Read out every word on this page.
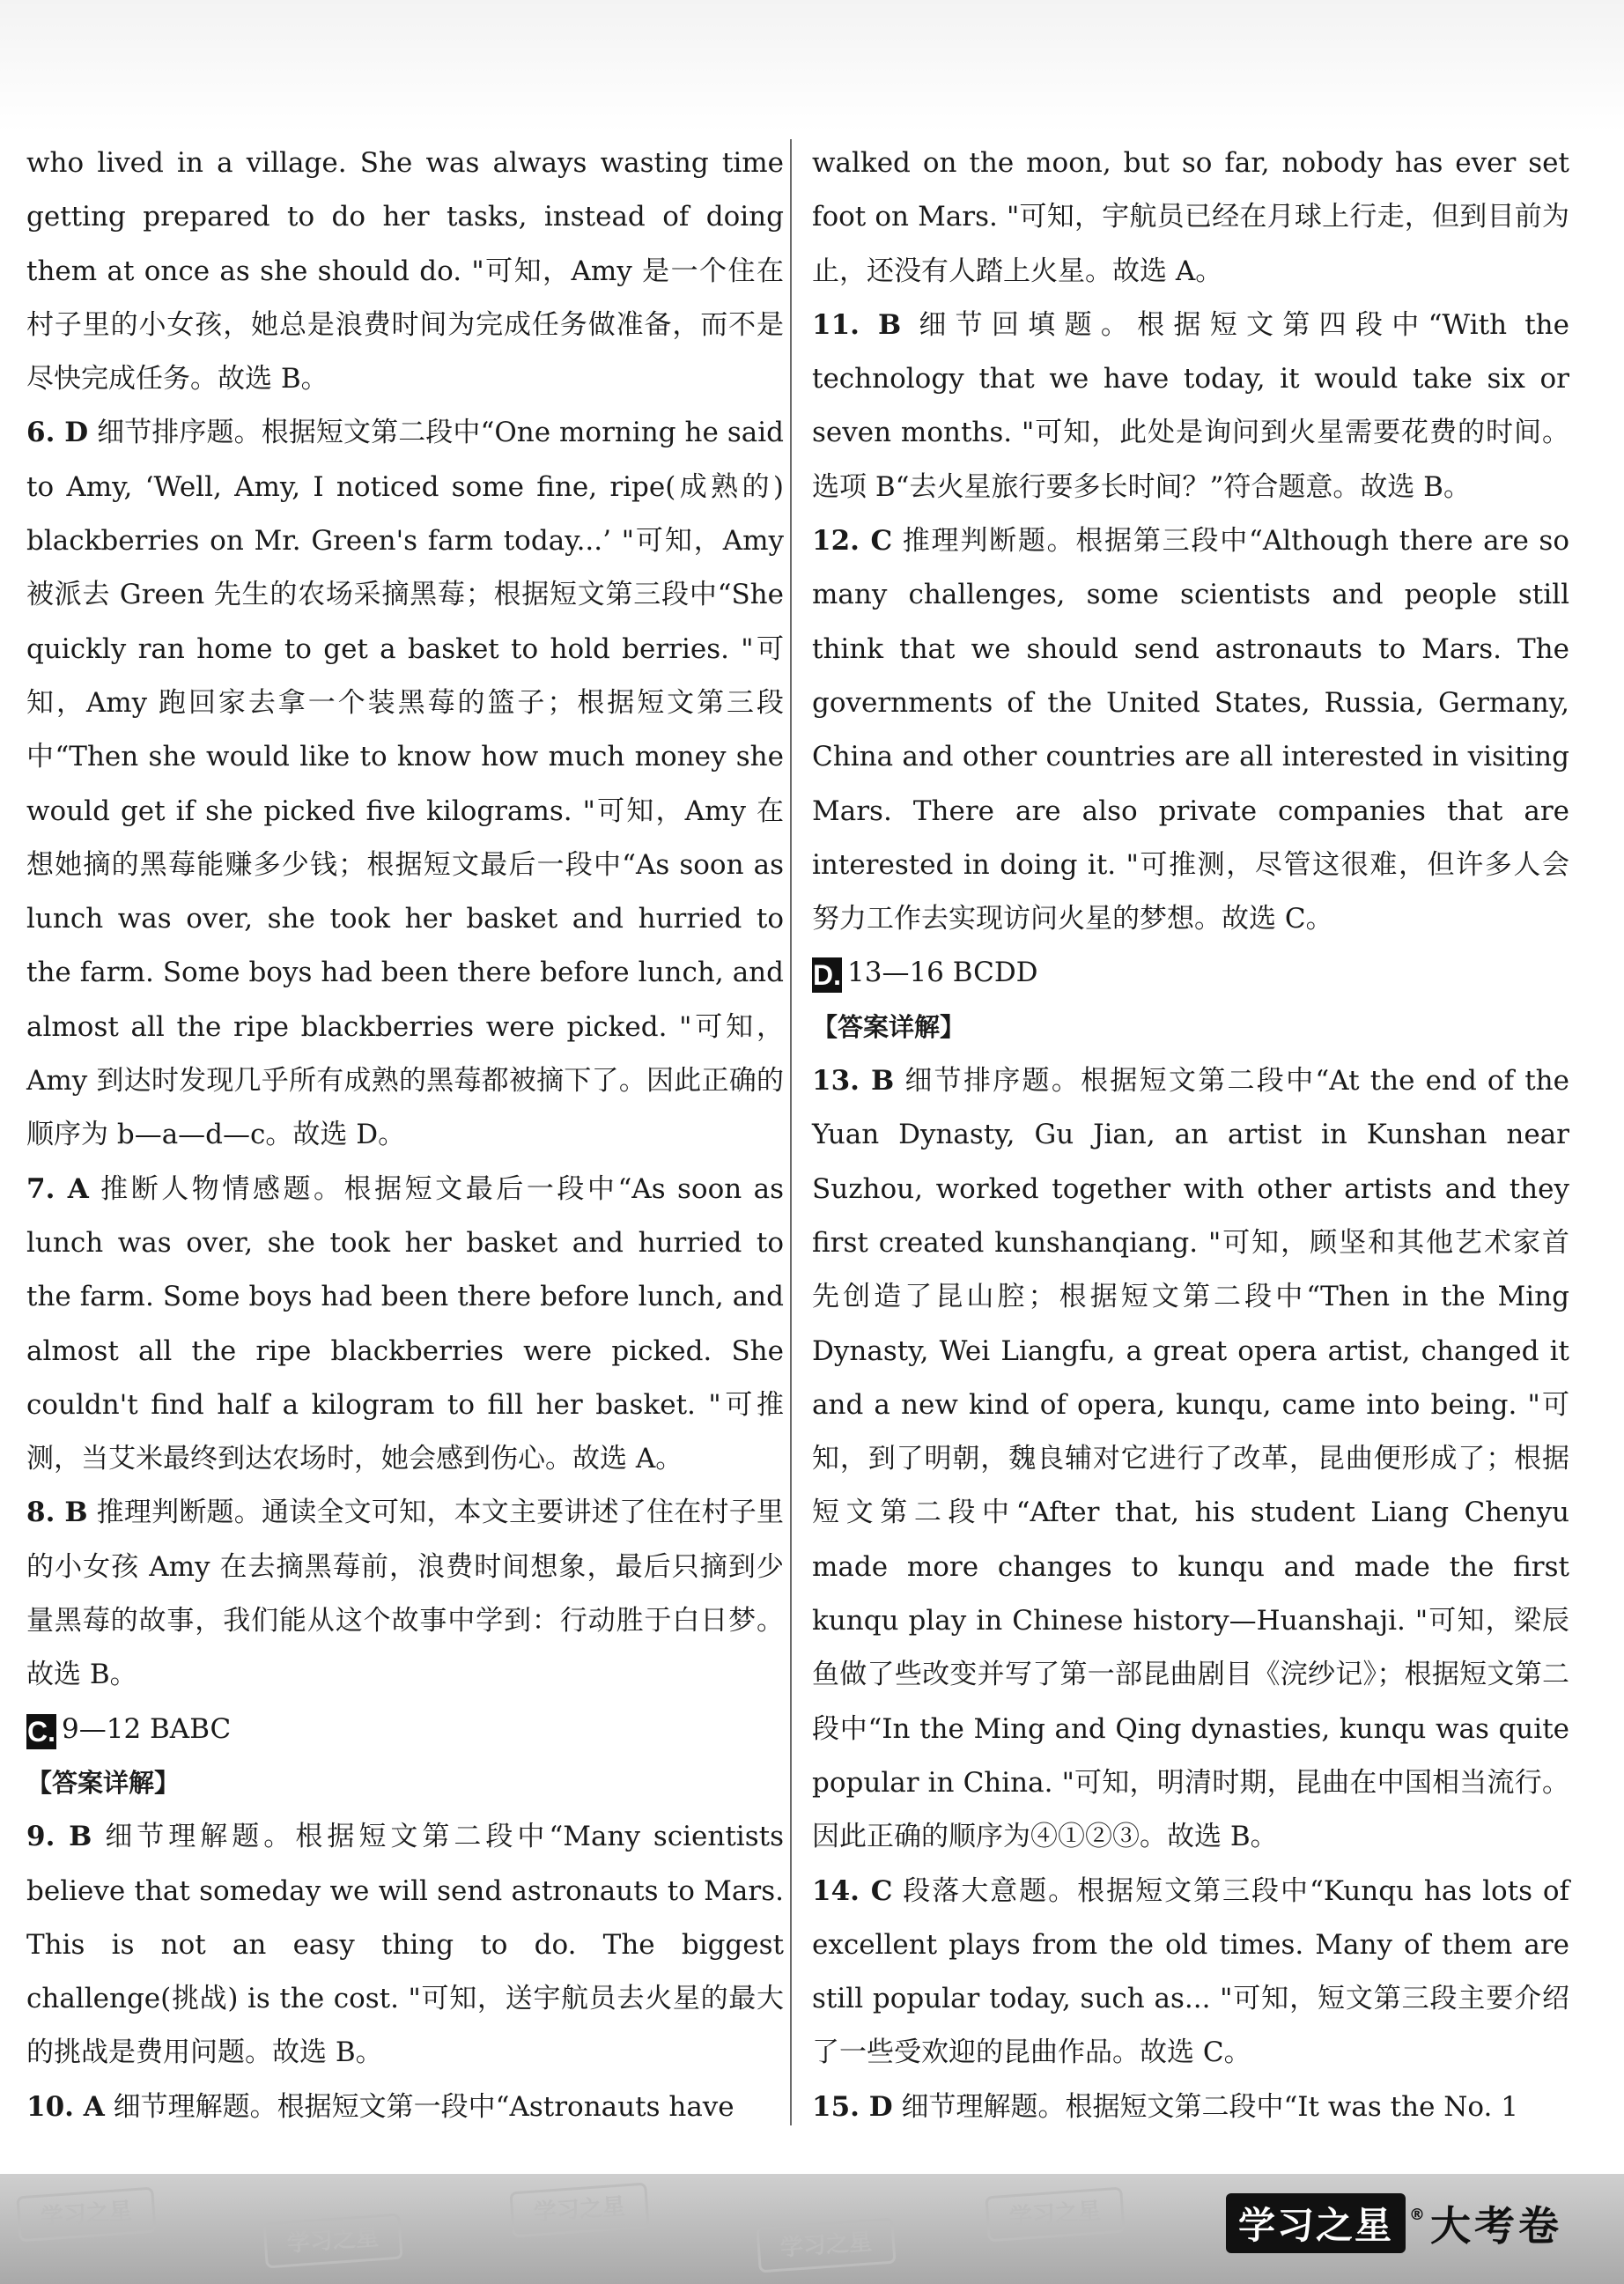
who lived in a village. She was always wasting time getting prepared to do her tasks, instead of doing them at once as she should do. "可知，Amy 是一个住在村子里的小女孩，她总是浪费时间为完成任务做准备，而不是尽快完成任务。故选 B。

6. D 细节排序题。根据短文第二段中“One morning he said to Amy, ‘Well, Amy, I noticed some fine, ripe(成熟的) blackberries on Mr. Green's farm today...’ "可知，Amy 被派去 Green 先生的农场采摘黑莓；根据短文第三段中“She quickly ran home to get a basket to hold berries. "可知，Amy 跑回家去拿一个装黑莓的篮子；根据短文第三段中“Then she would like to know how much money she would get if she picked five kilograms. "可知，Amy 在想她摘的黑莓能赚多少钱；根据短文最后一段中“As soon as lunch was over, she took her basket and hurried to the farm. Some boys had been there before lunch, and almost all the ripe blackberries were picked. "可知，Amy 到达时发现几乎所有成熟的黑莓都被摘下了。因此正确的顺序为 b—a—d—c。故选 D。

7. A 推断人物情感题。根据短文最后一段中“As soon as lunch was over, she took her basket and hurried to the farm. Some boys had been there before lunch, and almost all the ripe blackberries were picked. She couldn't find half a kilogram to fill her basket. "可推测，当艾米最终到达农场时，她会感到伤心。故选 A。

8. B 推理判断题。通读全文可知，本文主要讲述了住在村子里的小女孩 Amy 在去摘黑莓前，浪费时间想象，最后只摘到少量黑莓的故事，我们能从这个故事中学到：行动胜于白日梦。故选 B。

C. 9—12 BABC

【答案详解】

9. B 细节理解题。根据短文第二段中“Many scientists believe that someday we will send astronauts to Mars. This is not an easy thing to do. The biggest challenge(挑战) is the cost. "可知，送宇航员去火星的最大的挑战是费用问题。故选 B。

10. A 细节理解题。根据短文第一段中“Astronauts have

walked on the moon, but so far, nobody has ever set foot on Mars. "可知，宇航员已经在月球上行走，但到目前为止，还没有人踏上火星。故选 A。

11. B 细节回填题。根据短文第四段中“With the technology that we have today, it would take six or seven months. "可知，此处是询问到火星需要花费的时间。选项 B“去火星旅行要多长时间？”符合题意。故选 B。

12. C 推理判断题。根据第三段中“Although there are so many challenges, some scientists and people still think that we should send astronauts to Mars. The governments of the United States, Russia, Germany, China and other countries are all interested in visiting Mars. There are also private companies that are interested in doing it. "可推测，尽管这很难，但许多人会努力工作去实现访问火星的梦想。故选 C。

D. 13—16 BCDD

【答案详解】

13. B 细节排序题。根据短文第二段中“At the end of the Yuan Dynasty, Gu Jian, an artist in Kunshan near Suzhou, worked together with other artists and they first created kunshanqiang. "可知，顾坚和其他艺术家首先创造了昆山腔；根据短文第二段中“Then in the Ming Dynasty, Wei Liangfu, a great opera artist, changed it and a new kind of opera, kunqu, came into being. "可知，到了明朝，魏良辅对它进行了改革，昆曲便形成了；根据短文第二段中“After that, his student Liang Chenyu made more changes to kunqu and made the first kunqu play in Chinese history—Huanshaji. "可知，梁辰鱼做了些改变并写了第一部昆曲剧目《浣纱记》；根据短文第二段中“In the Ming and Qing dynasties, kunqu was quite popular in China. "可知，明清时期，昆曲在中国相当流行。因此正确的顺序为④①②③。故选 B。

14. C 段落大意题。根据短文第三段中“Kunqu has lots of excellent plays from the old times. Many of them are still popular today, such as... "可知，短文第三段主要介绍了一些受欢迎的昆曲作品。故选 C。

15. D 细节理解题。根据短文第二段中“It was the No. 1

学习之星
学习之星
学习之星
学习之星
学习之星	学习之星	® 大考卷
